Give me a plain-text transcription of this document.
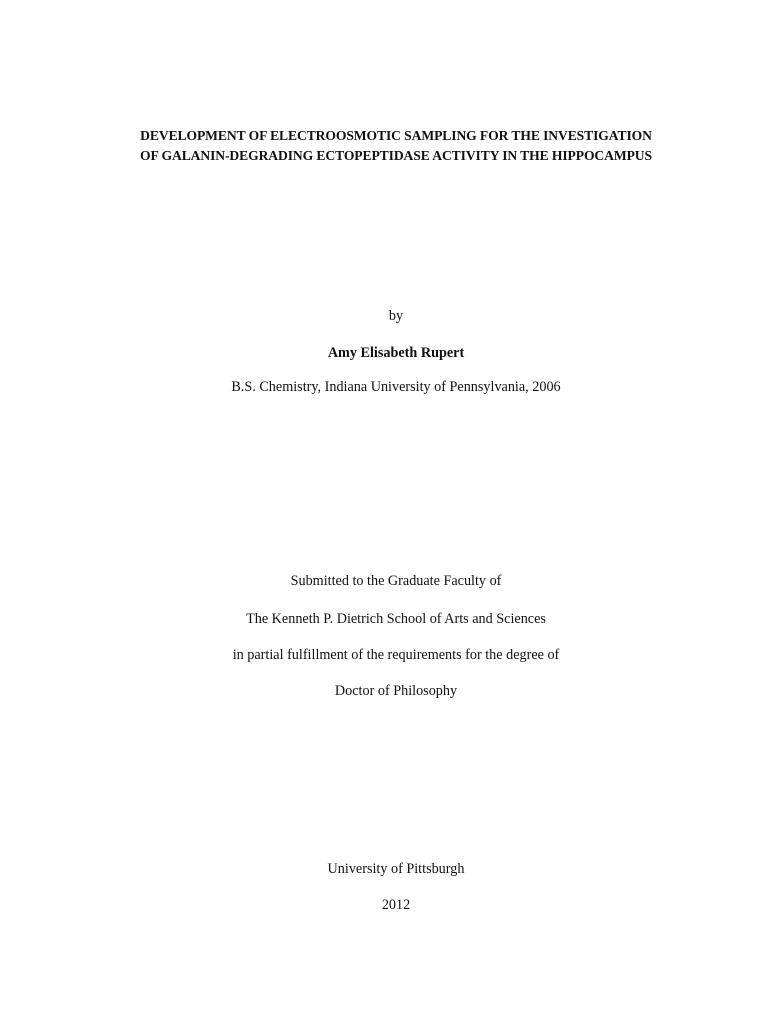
DEVELOPMENT OF ELECTROOSMOTIC SAMPLING FOR THE INVESTIGATION
OF GALANIN-DEGRADING ECTOPEPTIDASE ACTIVITY IN THE HIPPOCAMPUS
by
Amy Elisabeth Rupert
B.S. Chemistry, Indiana University of Pennsylvania, 2006
Submitted to the Graduate Faculty of
The Kenneth P. Dietrich School of Arts and Sciences
in partial fulfillment of the requirements for the degree of
Doctor of Philosophy
University of Pittsburgh
2012
